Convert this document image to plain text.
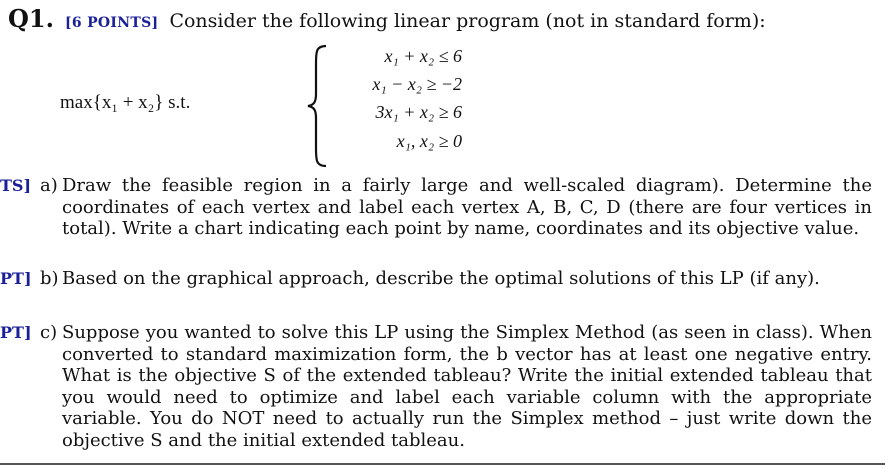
Q1. [6 POINTS] Consider the following linear program (not in standard form):
max{x₁ + x₂} s.t.
x₁ + x₂ ≤ 6
x₁ − x₂ ≥ −2
3x₁ + x₂ ≥ 6
x₁, x₂ ≥ 0
TS] a) Draw the feasible region in a fairly large and well-scaled diagram). Determine the coordinates of each vertex and label each vertex A, B, C, D (there are four vertices in total). Write a chart indicating each point by name, coordinates and its objective value.
PT] b) Based on the graphical approach, describe the optimal solutions of this LP (if any).
PT] c) Suppose you wanted to solve this LP using the Simplex Method (as seen in class). When converted to standard maximization form, the b vector has at least one negative entry. What is the objective S of the extended tableau? Write the initial extended tableau that you would need to optimize and label each variable column with the appropriate variable. You do NOT need to actually run the Simplex method – just write down the objective S and the initial extended tableau.
